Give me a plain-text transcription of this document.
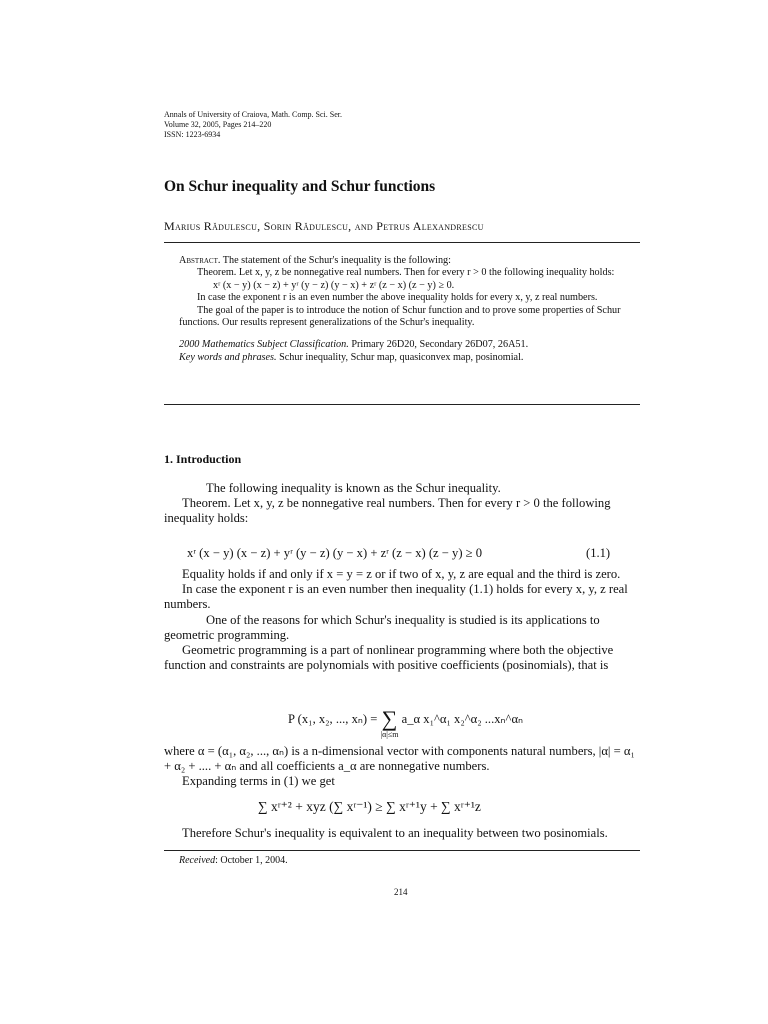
Annals of University of Craiova, Math. Comp. Sci. Ser.
Volume 32, 2005, Pages 214–220
ISSN: 1223-6934
On Schur inequality and Schur functions
Marius Rădulescu, Sorin Rădulescu, and Petrus Alexandrescu

Abstract. The statement of the Schur's inequality is the following:

Theorem. Let x, y, z be nonnegative real numbers. Then for every r > 0 the following inequality holds:

xʳ (x − y) (x − z) + yʳ (y − z) (y − x) + zʳ (z − x) (z − y) ≥ 0.

In case the exponent r is an even number the above inequality holds for every x, y, z real numbers.

The goal of the paper is to introduce the notion of Schur function and to prove some properties of Schur functions. Our results represent generalizations of the Schur's inequality.

2000 Mathematics Subject Classification. Primary 26D20, Secondary 26D07, 26A51.

Key words and phrases. Schur inequality, Schur map, quasiconvex map, posinomial.

1. Introduction

The following inequality is known as the Schur inequality.

Theorem. Let x, y, z be nonnegative real numbers. Then for every r > 0 the following inequality holds:

xʳ (x − y) (x − z) + yʳ (y − z) (y − x) + zʳ (z − x) (z − y) ≥ 0	(1.1)

Equality holds if and only if x = y = z or if two of x, y, z are equal and the third is zero.

In case the exponent r is an even number then inequality (1.1) holds for every x, y, z real numbers.

One of the reasons for which Schur's inequality is studied is its applications to geometric programming.

Geometric programming is a part of nonlinear programming where both the objective function and constraints are polynomials with positive coefficients (posinomials), that is

P (x₁, x₂, ..., xₙ) = ∑
|α|≤m
a_α x₁^α₁ x₂^α₂ ...xₙ^αₙ

where α = (α₁, α₂, ..., αₙ) is a n-dimensional vector with components natural numbers, |α| = α₁ + α₂ + .... + αₙ and all coefficients a_α are nonnegative numbers.

Expanding terms in (1) we get

∑ xʳ⁺² + xyz (∑ xʳ⁻¹) ≥ ∑ xʳ⁺¹y + ∑ xʳ⁺¹z

Therefore Schur's inequality is equivalent to an inequality between two posinomials.

Received: October 1, 2004.
214
